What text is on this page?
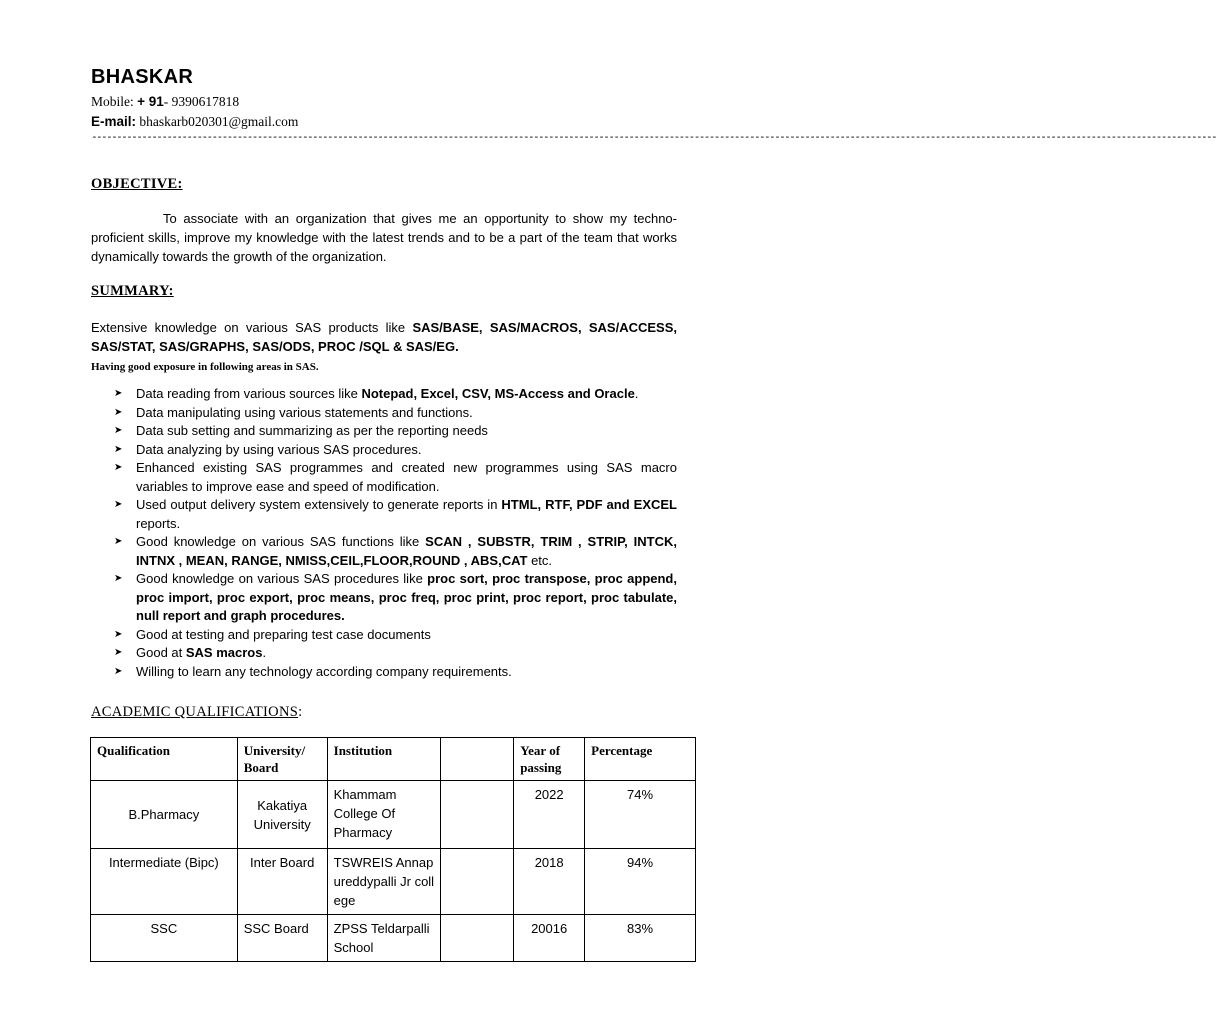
BHASKAR
Mobile: + 91- 9390617818
E-mail: bhaskarb020301@gmail.com
--------------------------------------------------------------------------------------------------------------------------------------------------------------------------------------------------------------------------------
OBJECTIVE:
To associate with an organization that gives me an opportunity to show my techno-proficient skills, improve my knowledge with the latest trends and to be a part of the team that works dynamically towards the growth of the organization.
SUMMARY:
Extensive knowledge on various SAS products like SAS/BASE, SAS/MACROS, SAS/ACCESS, SAS/STAT, SAS/GRAPHS, SAS/ODS, PROC /SQL & SAS/EG.
Having good exposure in following areas in SAS.
➤ Data reading from various sources like Notepad, Excel, CSV, MS-Access and Oracle.
➤ Data manipulating using various statements and functions.
➤ Data sub setting and summarizing as per the reporting needs
➤ Data analyzing by using various SAS procedures.
➤ Enhanced existing SAS programmes and created new programmes using SAS macro variables to improve ease and speed of modification.
➤ Used output delivery system extensively to generate reports in HTML, RTF, PDF and EXCEL reports.
➤ Good knowledge on various SAS functions like SCAN , SUBSTR, TRIM , STRIP, INTCK, INTNX , MEAN, RANGE, NMISS,CEIL,FLOOR,ROUND , ABS,CAT etc.
➤ Good knowledge on various SAS procedures like proc sort, proc transpose, proc append, proc import, proc export, proc means, proc freq, proc print, proc report, proc tabulate, null report and graph procedures.
➤ Good at testing and preparing test case documents
➤ Good at SAS macros.
➤ Willing to learn any technology according company requirements.
ACADEMIC QUALIFICATIONS:
Qualification	University/ Board	Institution		Year of passing	Percentage
B.Pharmacy	Kakatiya University	Khammam College Of Pharmacy		2022	74%
Intermediate (Bipc)	Inter Board	TSWREIS Annapureddypalli Jr college		2018	94%
SSC	SSC Board	ZPSS Teldarpalli School		20016	83%
